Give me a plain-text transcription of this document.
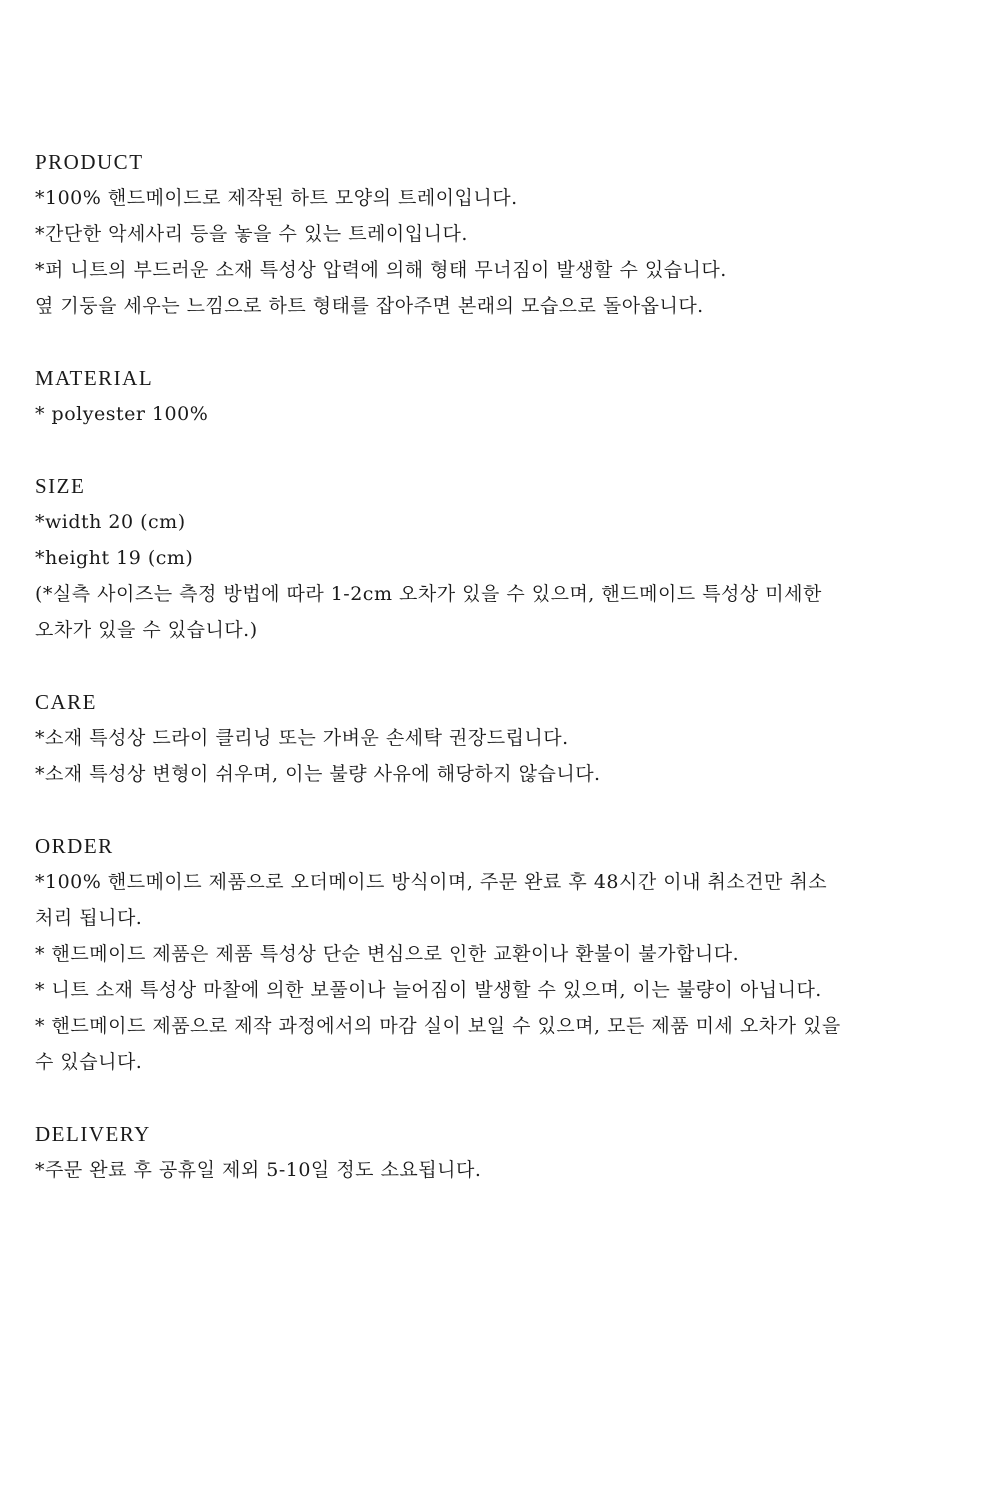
PRODUCT
*100% 핸드메이드로 제작된 하트 모양의 트레이입니다.
*간단한 악세사리 등을 놓을 수 있는 트레이입니다.
*퍼 니트의 부드러운 소재 특성상 압력에 의해 형태 무너짐이 발생할 수 있습니다.
옆 기둥을 세우는 느낌으로 하트 형태를 잡아주면 본래의 모습으로 돌아옵니다.
MATERIAL
* polyester 100%
SIZE
*width 20 (cm)
*height 19 (cm)
(*실측 사이즈는 측정 방법에 따라 1-2cm 오차가 있을 수 있으며, 핸드메이드 특성상 미세한
오차가 있을 수 있습니다.)
CARE
*소재 특성상 드라이 클리닝 또는 가벼운 손세탁 권장드립니다.
*소재 특성상 변형이 쉬우며, 이는 불량 사유에 해당하지 않습니다.
ORDER
*100% 핸드메이드 제품으로 오더메이드 방식이며, 주문 완료 후 48시간 이내 취소건만 취소
처리 됩니다.
* 핸드메이드 제품은 제품 특성상 단순 변심으로 인한 교환이나 환불이 불가합니다.
* 니트 소재 특성상 마찰에 의한 보풀이나 늘어짐이 발생할 수 있으며, 이는 불량이 아닙니다.
* 핸드메이드 제품으로 제작 과정에서의 마감 실이 보일 수 있으며, 모든 제품 미세 오차가 있을
수 있습니다.
DELIVERY
*주문 완료 후 공휴일 제외 5-10일 정도 소요됩니다.
